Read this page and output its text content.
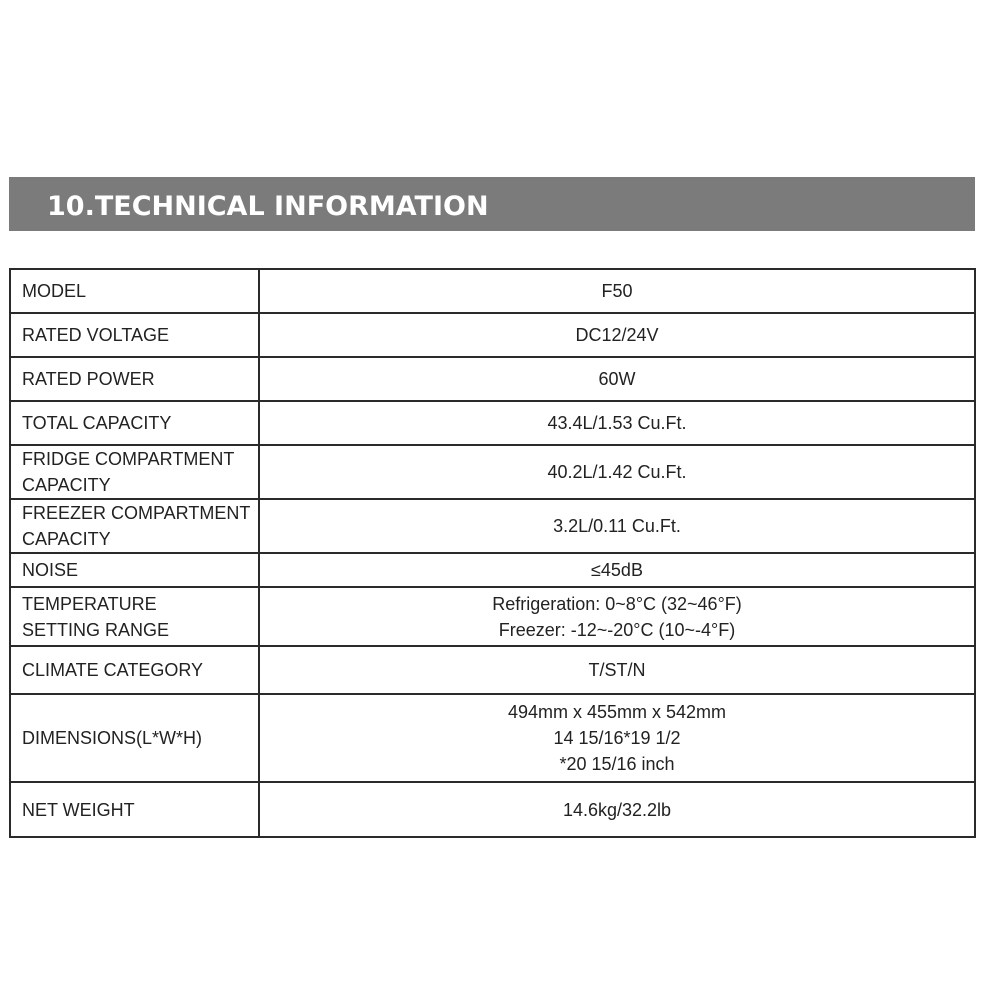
10.TECHNICAL INFORMATION
MODEL	F50

RATED VOLTAGE	DC12/24V

RATED POWER	60W

TOTAL CAPACITY	43.4L/1.53 Cu.Ft.

FRIDGE COMPARTMENT
CAPACITY	40.2L/1.42 Cu.Ft.

FREEZER COMPARTMENT
CAPACITY	3.2L/0.11 Cu.Ft.

NOISE	≤45dB

TEMPERATURE
SETTING RANGE	Refrigeration: 0~8°C (32~46°F)
Freezer: -12~-20°C (10~-4°F)

CLIMATE CATEGORY	T/ST/N

DIMENSIONS(L*W*H)	494mm x 455mm x 542mm
14 15/16*19 1/2
*20 15/16 inch

NET WEIGHT	14.6kg/32.2lb
